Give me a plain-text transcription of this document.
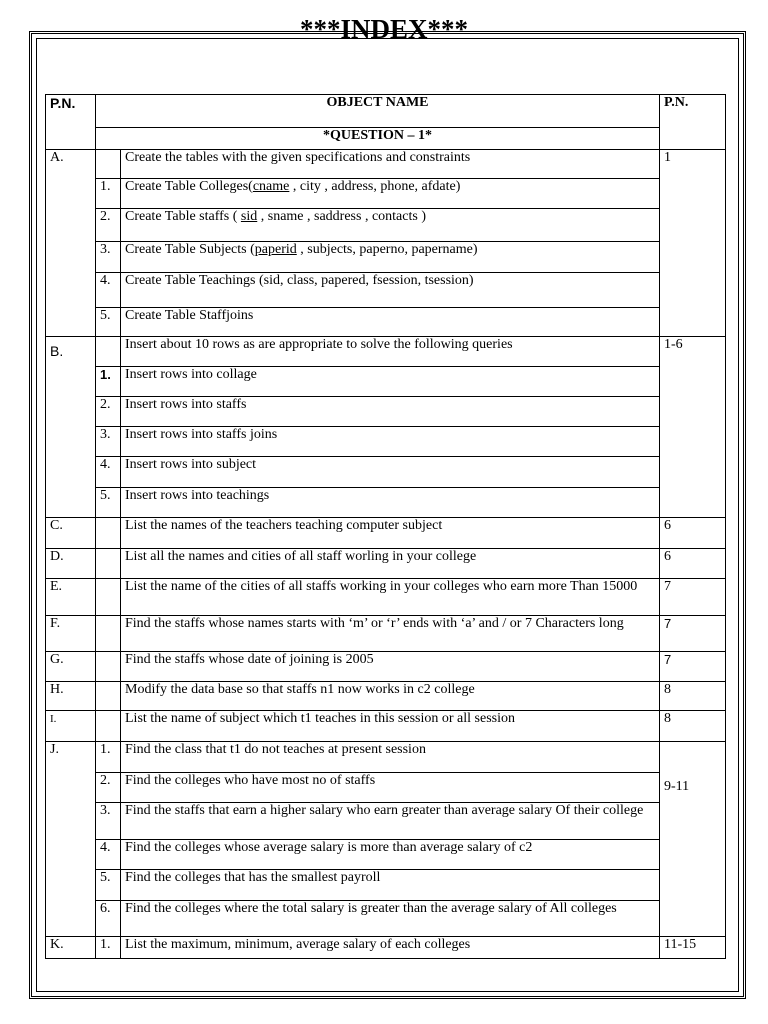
***INDEX***
P.N.	OBJECT NAME		P.N.
	*QUESTION – 1*		
A.		Create the tables with the given specifications and constraints	1
	1.	Create Table Colleges(cname , city , address, phone, afdate)	
	2.	Create Table staffs ( sid , sname , saddress , contacts )	
	3.	Create Table Subjects (paperid , subjects, paperno, papername)	
	4.	Create Table Teachings (sid, class, papered, fsession, tsession)	
	5.	Create Table Staffjoins	
B.		Insert about 10 rows as are appropriate to solve the following queries	1-6
	1.	Insert rows into collage	
	2.	Insert rows into staffs	
	3.	Insert rows into staffs joins	
	4.	Insert rows into subject	
	5.	Insert rows into teachings	
C.		List the names of the teachers teaching computer subject	6
D.		List all the names and cities of all staff worling in your college	6
E.		List the name of the cities of all staffs working in your colleges who earn more Than 15000	7
F.		Find the staffs whose names starts with ‘m’ or ‘r’ ends with ‘a’ and / or 7 Characters long	7
G.		Find the staffs whose date of joining is 2005	7
H.		Modify the data base so that staffs n1 now works in c2 college	8
I.		List the name of subject which t1 teaches in this session or all session	8
J.	1.	Find the class that t1 do not teaches at present session	9-11
	2.	Find the colleges who have most no of staffs	
	3.	Find the staffs that earn a higher salary who earn greater than average salary Of their college	
	4.	Find the colleges whose average salary is more than average salary of c2	
	5.	Find the colleges that has the smallest payroll	
	6.	Find the colleges where the total salary is greater than the average salary of All colleges	
K.	1.	List the maximum, minimum, average salary of each colleges	11-15
